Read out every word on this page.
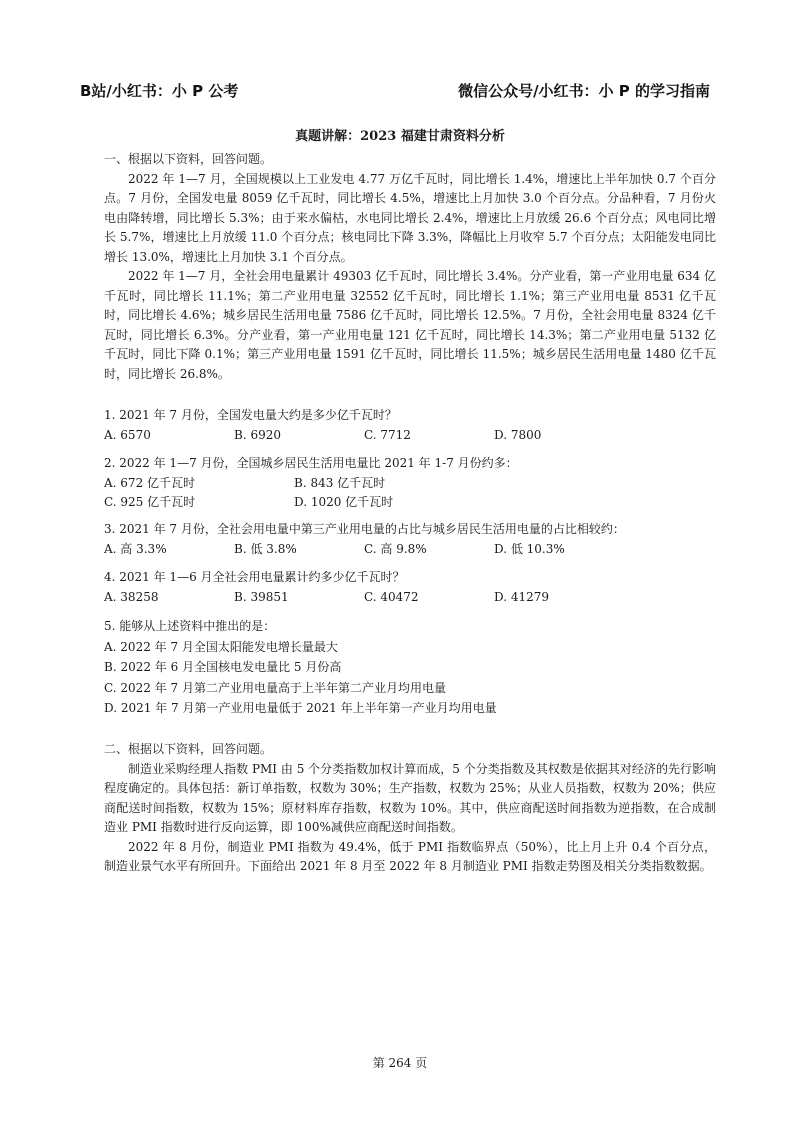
B站/小红书：小 P 公考	微信公众号/小红书：小 P 的学习指南
真题讲解：2023 福建甘肃资料分析

一、根据以下资料，回答问题。

2022 年 1—7 月，全国规模以上工业发电 4.77 万亿千瓦时，同比增长 1.4%，增速比上半年加快 0.7 个百分点。7 月份，全国发电量 8059 亿千瓦时，同比增长 4.5%，增速比上月加快 3.0 个百分点。分品种看，7 月份火电由降转增，同比增长 5.3%；由于来水偏枯，水电同比增长 2.4%，增速比上月放缓 26.6 个百分点；风电同比增长 5.7%，增速比上月放缓 11.0 个百分点；核电同比下降 3.3%，降幅比上月收窄 5.7 个百分点；太阳能发电同比增长 13.0%，增速比上月加快 3.1 个百分点。

2022 年 1—7 月，全社会用电量累计 49303 亿千瓦时，同比增长 3.4%。分产业看，第一产业用电量 634 亿千瓦时，同比增长 11.1%；第二产业用电量 32552 亿千瓦时，同比增长 1.1%；第三产业用电量 8531 亿千瓦时，同比增长 4.6%；城乡居民生活用电量 7586 亿千瓦时，同比增长 12.5%。7 月份，全社会用电量 8324 亿千瓦时，同比增长 6.3%。分产业看，第一产业用电量 121 亿千瓦时，同比增长 14.3%；第二产业用电量 5132 亿千瓦时，同比下降 0.1%；第三产业用电量 1591 亿千瓦时，同比增长 11.5%；城乡居民生活用电量 1480 亿千瓦时，同比增长 26.8%。

1. 2021 年 7 月份，全国发电量大约是多少亿千瓦时？

A. 6570	B. 6920	C. 7712	D. 7800

2. 2022 年 1—7 月份，全国城乡居民生活用电量比 2021 年 1-7 月份约多：

A. 672 亿千瓦时	B. 843 亿千瓦时
C. 925 亿千瓦时	D. 1020 亿千瓦时

3. 2021 年 7 月份，全社会用电量中第三产业用电量的占比与城乡居民生活用电量的占比相较约：

A. 高 3.3%	B. 低 3.8%	C. 高 9.8%	D. 低 10.3%

4. 2021 年 1—6 月全社会用电量累计约多少亿千瓦时？

A. 38258	B. 39851	C. 40472	D. 41279

5. 能够从上述资料中推出的是：

A. 2022 年 7 月全国太阳能发电增长量最大

B. 2022 年 6 月全国核电发电量比 5 月份高

C. 2022 年 7 月第二产业用电量高于上半年第二产业月均用电量

D. 2021 年 7 月第一产业用电量低于 2021 年上半年第一产业月均用电量

二、根据以下资料，回答问题。

制造业采购经理人指数 PMI 由 5 个分类指数加权计算而成，5 个分类指数及其权数是依据其对经济的先行影响程度确定的。具体包括：新订单指数，权数为 30%；生产指数，权数为 25%；从业人员指数，权数为 20%；供应商配送时间指数，权数为 15%；原材料库存指数，权数为 10%。其中，供应商配送时间指数为逆指数，在合成制造业 PMI 指数时进行反向运算，即 100%减供应商配送时间指数。

2022 年 8 月份，制造业 PMI 指数为 49.4%，低于 PMI 指数临界点（50%），比上月上升 0.4 个百分点，制造业景气水平有所回升。下面给出 2021 年 8 月至 2022 年 8 月制造业 PMI 指数走势图及相关分类指数数据。

第 264 页
